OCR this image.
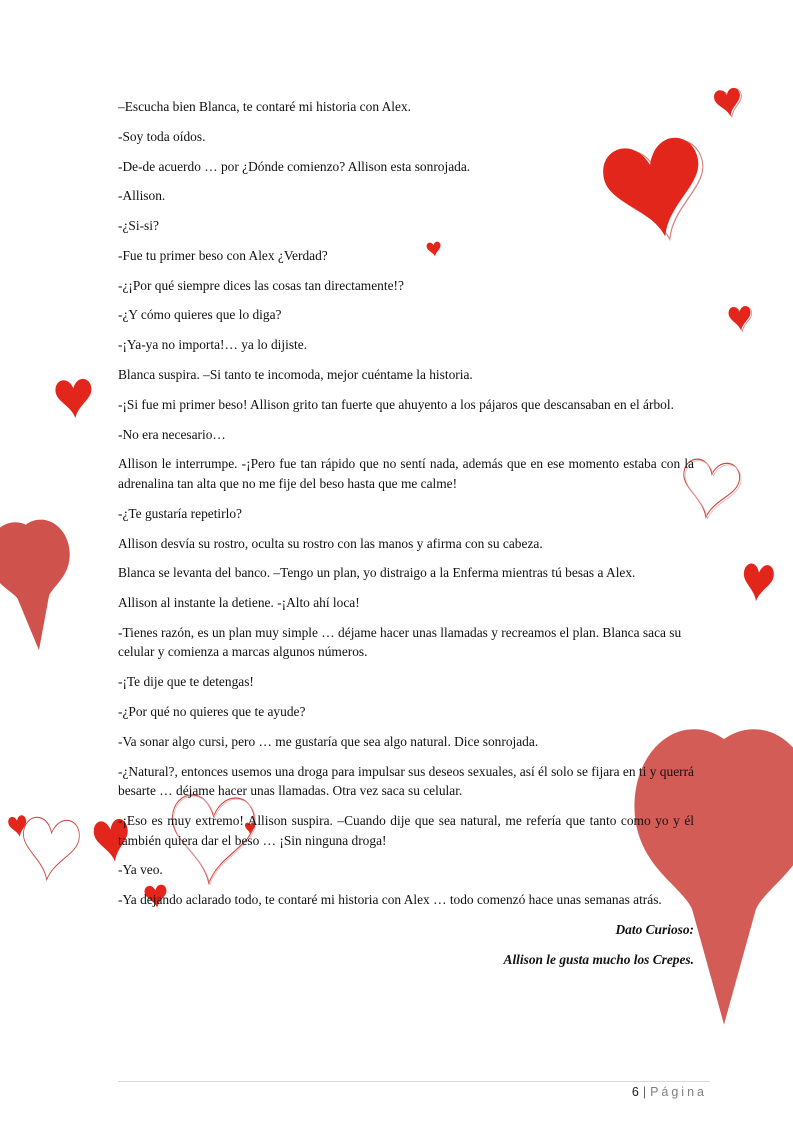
–Escucha bien Blanca, te contaré mi historia con Alex.

-Soy toda oídos.

-De-de acuerdo … por ¿Dónde comienzo? Allison esta sonrojada.

-Allison.

-¿Si-si?

-Fue tu primer beso con Alex ¿Verdad?

-¿¡Por qué siempre dices las cosas tan directamente!?

-¿Y cómo quieres que lo diga?

-¡Ya-ya no importa!… ya lo dijiste.

Blanca suspira. –Si tanto te incomoda, mejor cuéntame la historia.

-¡Si fue mi primer beso! Allison grito tan fuerte que ahuyento a los pájaros que descansaban en el árbol.

-No era necesario…

Allison le interrumpe. -¡Pero fue tan rápido que no sentí nada, además que en ese momento estaba con la adrenalina tan alta que no me fije del beso hasta que me calme!

-¿Te gustaría repetirlo?

Allison desvía su rostro, oculta su rostro con las manos y afirma con su cabeza.

Blanca se levanta del banco. –Tengo un plan, yo distraigo a la Enferma mientras tú besas a Alex.

Allison al instante la detiene. -¡Alto ahí loca!

-Tienes razón, es un plan muy simple … déjame hacer unas llamadas y recreamos el plan. Blanca saca su celular y comienza a marcas algunos números.

-¡Te dije que te detengas!

-¿Por qué no quieres que te ayude?

-Va sonar algo cursi, pero … me gustaría que sea algo natural. Dice sonrojada.

-¿Natural?, entonces usemos una droga para impulsar sus deseos sexuales, así él solo se fijara en ti y querrá besarte … déjame hacer unas llamadas. Otra vez saca su celular.

-¡Eso es muy extremo! Allison suspira. –Cuando dije que sea natural, me refería que tanto como yo y él también quiera dar el beso … ¡Sin ninguna droga!

-Ya veo.

-Ya dejando aclarado todo, te contaré mi historia con Alex … todo comenzó hace unas semanas atrás.

Dato Curioso:

Allison le gusta mucho los Crepes.

6 | Página
